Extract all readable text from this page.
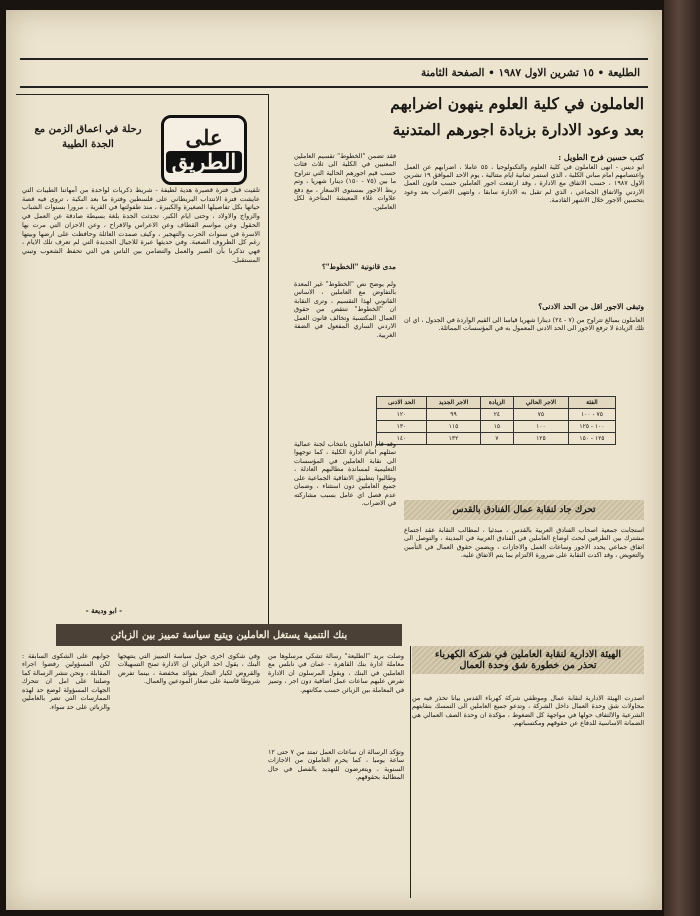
الطليعة • ١٥ تشرين الاول ١٩٨٧ • الصفحة الثامنة
العاملون في كلية العلوم ينهون اضرابهم
بعد وعود الادارة بزيادة اجورهم المتدنية
كتب حسين فرح الطويل :
ابو ديس - انهى العاملون في كلية العلوم والتكنولوجيا ، ٥٥ عاملا ، اضرابهم عن العمل واعتصامهم امام مباني الكلية ، الذي استمر ثمانية ايام متتالية ، يوم الاحد الموافق ١٩ تشرين الاول ١٩٨٧ ، حسب الاتفاق مع الادارة ، وقد ارتفعت اجور العاملين حسب قانون العمل الاردني والاتفاق الجماعي ، الذي لم تقبل به الادارة سابقا ، وانتهى الاضراب بعد وعود بتحسين الاجور خلال الاشهر القادمة.
فقد تضمن "الخطوط" تقسيم العاملين المعنيين في الكلية الى ثلاث فئات حسب قيم اجورهم الحالية التي تتراوح ما بين (٧٥ - ١٥٠) دينارا شهريا ، وتم ربط الاجور بمستوى الاسعار ، مع دفع علاوات غلاء المعيشة المتأخرة لكل العاملين.
مدى قانونية "الخطوط"؟
ولم يوضح نص "الخطوط" غير المعدة بالتفاوض مع العاملين ، الاساس القانوني لهذا التقسيم ، وترى النقابة ان "الخطوط" تنتقص من حقوق العمال المكتسبة وتخالف قانون العمل الاردني الساري المفعول في الضفة الغربية.
وتبقى الاجور اقل من الحد الادنى؟
العاملون بمبالغ تتراوح من (٧ - ٢٤) دينارا شهريا قياسا الى القيم الواردة في الجدول ، اي ان تلك الزيادة لا ترفع الاجور الى الحد الادنى المعمول به في المؤسسات المماثلة.
الفئة	الاجر الحالي	الزيادة	الاجر الجديد	الحد الادنى
٧٥ - ١٠٠	٧٥	٢٤	٩٩	١٢٠
١٠٠ - ١٢٥	١٠٠	١٥	١١٥	١٣٠
١٢٥ - ١٥٠	١٢٥	٧	١٣٢	١٤٠
وقد قام العاملون بانتخاب لجنة عمالية تمثلهم امام ادارة الكلية ، كما توجهوا الى نقابة العاملين في المؤسسات التعليمية لمساندة مطالبهم العادلة ، وطالبوا بتطبيق الاتفاقية الجماعية على جميع العاملين دون استثناء ، وضمان عدم فصل اي عامل بسبب مشاركته في الاضراب.
تحرك جاد لنقابة عمال الفنادق بالقدس
استجابت جمعية اصحاب الفنادق العربية بالقدس ، مبدئيا ، لمطالب النقابة عقد اجتماع مشترك بين الطرفين لبحث اوضاع العاملين في الفنادق العربية في المدينة ، والتوصل الى اتفاق جماعي يحدد الاجور وساعات العمل والاجازات ، ويضمن حقوق العمال في التأمين والتعويض ، وقد اكدت النقابة على ضرورة الالتزام بما يتم الاتفاق عليه.
على
الطريق
رحلة في اعماق الزمن مع الجدة الطيبة
تلقيت قبل فترة قصيرة هدية لطيفة - شريط ذكريات لواحدة من أمهاتنا الطيبات التي عايشت فترة الانتداب البريطاني على فلسطين وفترة ما بعد النكبة ، تروي فيه قصة حياتها بكل تفاصيلها الصغيرة والكبيرة ، منذ طفولتها في القرية ، مرورا بسنوات الشباب والزواج والاولاد ، وحتى ايام الكبر. تحدثت الجدة بلغة بسيطة صادقة عن العمل في الحقول وعن مواسم القطاف وعن الاعراس والافراح ، وعن الاحزان التي مرت بها الاسرة في سنوات الحرب والتهجير ، وكيف صمدت العائلة وحافظت على ارضها وبيتها رغم كل الظروف الصعبة. وفي حديثها عبرة للاجيال الجديدة التي لم تعرف تلك الايام ، فهي تذكرنا بأن الصبر والعمل والتضامن بين الناس هي التي تحفظ الشعوب وتبني المستقبل.
- ابو وديعة -
بنك التنمية يستغل العاملين ويتبع سياسة تمييز بين الزبائن
وصلت بريد "الطليعة" رسالة تشكي مرسلوها من معاملة ادارة بنك القاهرة - عمان في نابلس مع العاملين في البنك ، ويقول المرسلون ان الادارة تفرض عليهم ساعات عمل اضافية دون اجر ، وتميز في المعاملة بين الزبائن حسب مكانتهم.
وتؤكد الرسالة ان ساعات العمل تمتد من ٧ حتى ١٢ ساعة يوميا ، كما يحرم العاملون من الاجازات السنوية ، ويتعرضون للتهديد بالفصل في حال المطالبة بحقوقهم.
وفي شكوى اخرى حول سياسة التمييز التي ينتهجها البنك ، يقول احد الزبائن ان الادارة تمنح التسهيلات والقروض لكبار التجار بفوائد مخفضة ، بينما تفرض شروطا قاسية على صغار المودعين والعمال.
جوابهم على الشكوى السابقة : لكن المسؤولين رفضوا اجراء المقابلة ، ونحن ننشر الرسالة كما وصلتنا على امل ان تتحرك الجهات المسؤولة لوضع حد لهذه الممارسات التي تضر بالعاملين والزبائن على حد سواء.
الهيئة الادارية لنقابة العاملين في شركة الكهرباء
تحذر من خطورة شق وحدة العمال
اصدرت الهيئة الادارية لنقابة عمال وموظفي شركة كهرباء القدس بيانا تحذر فيه من محاولات شق وحدة العمال داخل الشركة ، وتدعو جميع العاملين الى التمسك بنقابتهم الشرعية والالتفاف حولها في مواجهة كل الضغوط ، مؤكدة ان وحدة الصف العمالي هي الضمانة الاساسية للدفاع عن حقوقهم ومكتسباتهم.
